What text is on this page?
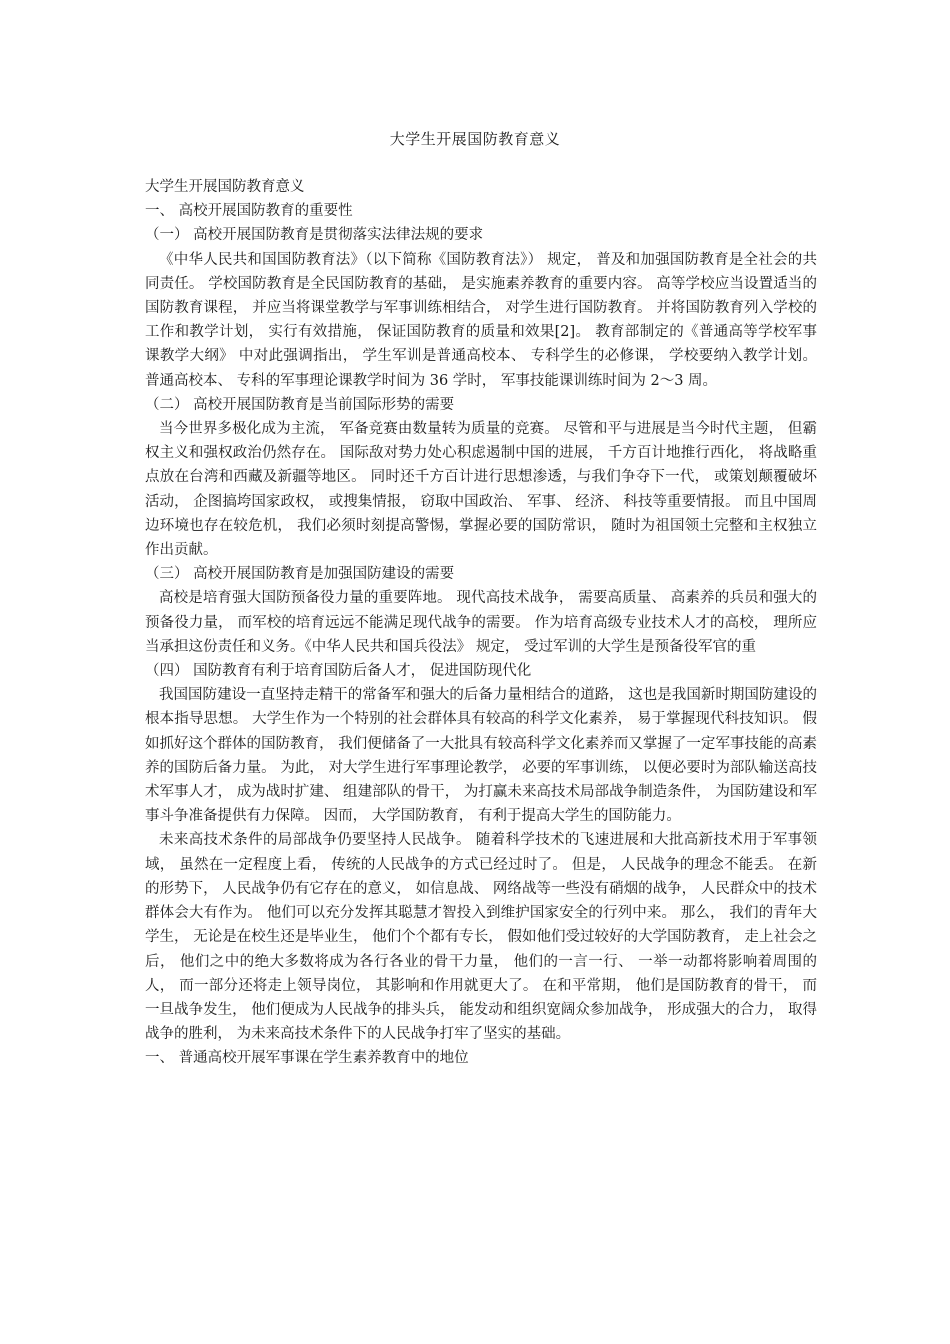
大学生开展国防教育意义

大学生开展国防教育意义

一、 高校开展国防教育的重要性

（一） 高校开展国防教育是贯彻落实法律法规的要求

《中华人民共和国国防教育法》（以下简称《国防教育法》） 规定， 普及和加强国防教育是全社会的共同责任。 学校国防教育是全民国防教育的基础， 是实施素养教育的重要内容。 高等学校应当设置适当的国防教育课程， 并应当将课堂教学与军事训练相结合， 对学生进行国防教育。 并将国防教育列入学校的工作和教学计划， 实行有效措施， 保证国防教育的质量和效果[2]。 教育部制定的《普通高等学校军事课教学大纲》 中对此强调指出， 学生军训是普通高校本、 专科学生的必修课， 学校要纳入教学计划。 普通高校本、 专科的军事理论课教学时间为 36 学时， 军事技能课训练时间为 2～3 周。

（二） 高校开展国防教育是当前国际形势的需要

当今世界多极化成为主流， 军备竞赛由数量转为质量的竞赛。 尽管和平与进展是当今时代主题， 但霸权主义和强权政治仍然存在。 国际敌对势力处心积虑遏制中国的进展， 千方百计地推行西化， 将战略重点放在台湾和西藏及新疆等地区。 同时还千方百计进行思想渗透，与我们争夺下一代， 或策划颠覆破坏活动， 企图搞垮国家政权， 或搜集情报， 窃取中国政治、 军事、 经济、 科技等重要情报。 而且中国周边环境也存在较危机， 我们必须时刻提高警惕，掌握必要的国防常识， 随时为祖国领土完整和主权独立作出贡献。

（三） 高校开展国防教育是加强国防建设的需要

高校是培育强大国防预备役力量的重要阵地。 现代高技术战争， 需要高质量、 高素养的兵员和强大的预备役力量， 而军校的培育远远不能满足现代战争的需要。 作为培育高级专业技术人才的高校， 理所应当承担这份责任和义务。《中华人民共和国兵役法》 规定， 受过军训的大学生是预备役军官的重

（四） 国防教育有利于培育国防后备人才， 促进国防现代化

我国国防建设一直坚持走精干的常备军和强大的后备力量相结合的道路， 这也是我国新时期国防建设的根本指导思想。 大学生作为一个特别的社会群体具有较高的科学文化素养， 易于掌握现代科技知识。 假如抓好这个群体的国防教育， 我们便储备了一大批具有较高科学文化素养而又掌握了一定军事技能的高素养的国防后备力量。 为此， 对大学生进行军事理论教学， 必要的军事训练， 以便必要时为部队输送高技术军事人才， 成为战时扩建、 组建部队的骨干， 为打赢未来高技术局部战争制造条件， 为国防建设和军事斗争准备提供有力保障。 因而， 大学国防教育， 有利于提高大学生的国防能力。

未来高技术条件的局部战争仍要坚持人民战争。 随着科学技术的飞速进展和大批高新技术用于军事领域， 虽然在一定程度上看， 传统的人民战争的方式已经过时了。 但是， 人民战争的理念不能丢。 在新的形势下， 人民战争仍有它存在的意义， 如信息战、 网络战等一些没有硝烟的战争， 人民群众中的技术群体会大有作为。 他们可以充分发挥其聪慧才智投入到维护国家安全的行列中来。 那么， 我们的青年大学生， 无论是在校生还是毕业生， 他们个个都有专长， 假如他们受过较好的大学国防教育， 走上社会之后， 他们之中的绝大多数将成为各行各业的骨干力量， 他们的一言一行、 一举一动都将影响着周围的人， 而一部分还将走上领导岗位， 其影响和作用就更大了。 在和平常期， 他们是国防教育的骨干， 而一旦战争发生， 他们便成为人民战争的排头兵， 能发动和组织宽阔众参加战争， 形成强大的合力， 取得战争的胜利， 为未来高技术条件下的人民战争打牢了坚实的基础。

一、 普通高校开展军事课在学生素养教育中的地位
